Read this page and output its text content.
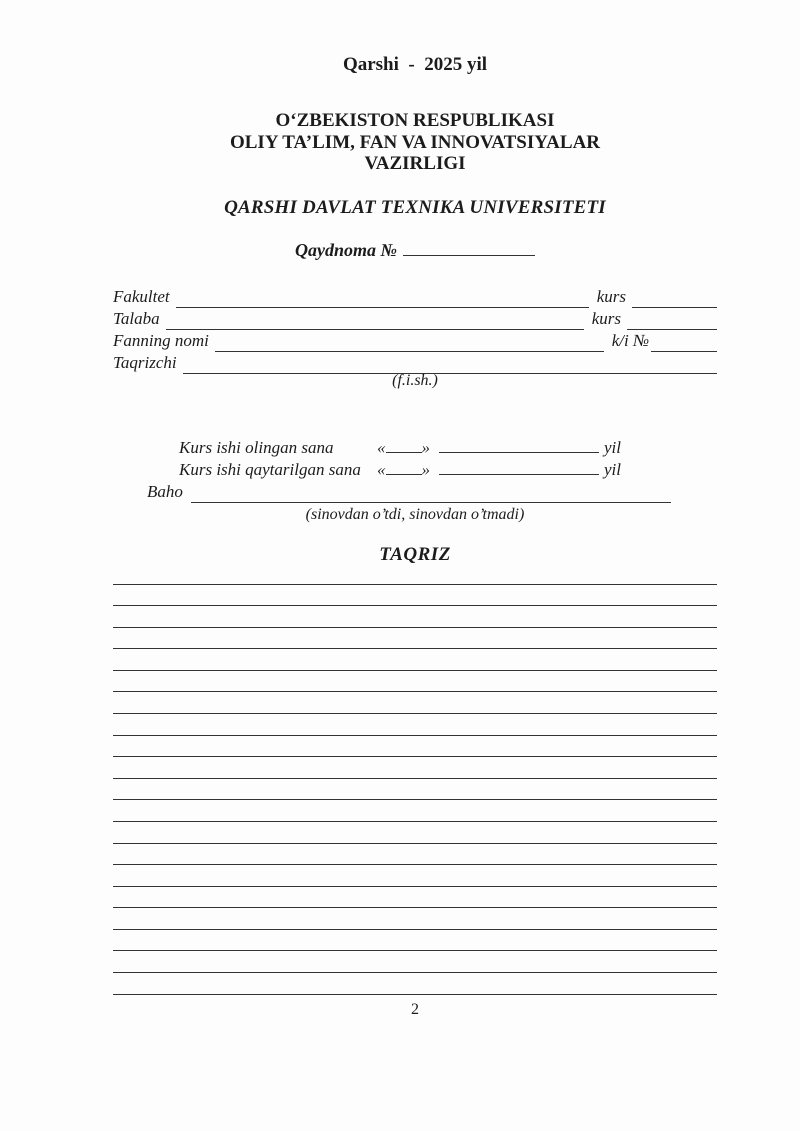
Qarshi  -  2025 yil
O‘ZBEKISTON RESPUBLIKASI
OLIY TA’LIM, FAN VA INNOVATSIYALAR
VAZIRLIGI
QARSHI DAVLAT TEXNIKA UNIVERSITETI
Qaydnoma №
Fakultet	kurs
Talaba	kurs
Fanning nomi	k/i №
Taqrizchi
(f.i.sh.)
Kurs ishi olingan sana	« »	yil
Kurs ishi qaytarilgan sana « »	yil
Baho
(sinovdan o’tdi, sinovdan o’tmadi)
TAQRIZ
2
